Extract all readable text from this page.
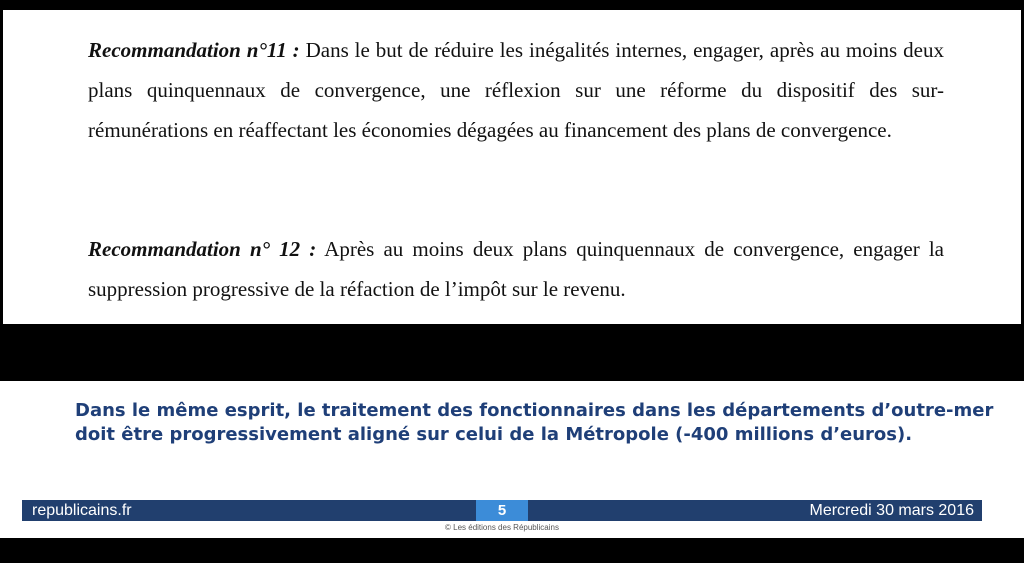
Recommandation n°11 : Dans le but de réduire les inégalités internes, engager, après au moins deux plans quinquennaux de convergence, une réflexion sur une réforme du dispositif des sur-rémunérations en réaffectant les économies dégagées au financement des plans de convergence.

Recommandation n° 12 : Après au moins deux plans quinquennaux de convergence, engager la suppression progressive de la réfaction de l’impôt sur le revenu.

Dans le même esprit, le traitement des fonctionnaires dans les départements d’outre-mer doit être progressivement aligné sur celui de la Métropole (-400 millions d’euros).

republicains.fr	5	Mercredi 30 mars 2016
© Les éditions des Républicains
